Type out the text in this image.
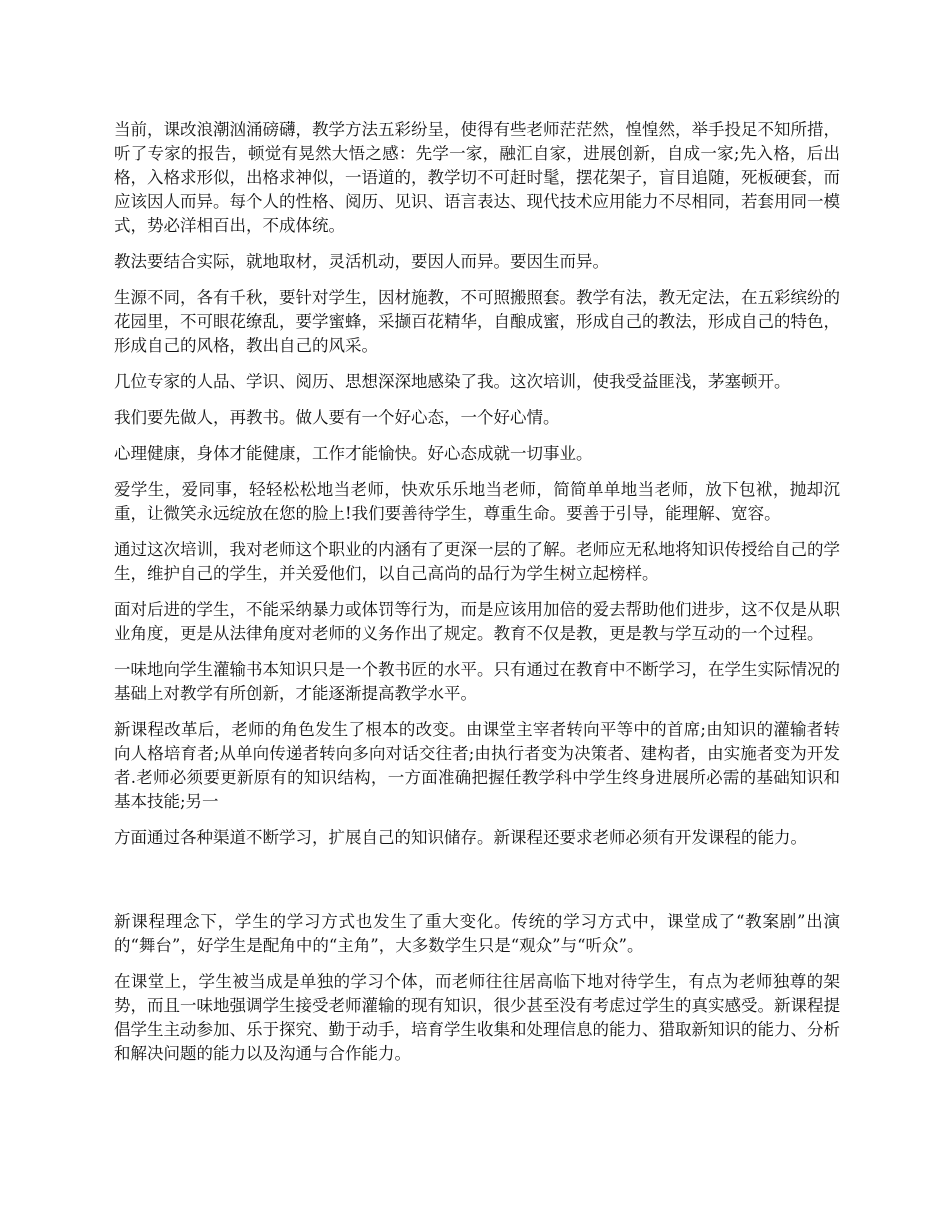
当前，课改浪潮汹涌磅礴，教学方法五彩纷呈，使得有些老师茫茫然，惶惶然，举手投足不知所措，听了专家的报告，顿觉有晃然大悟之感：先学一家，融汇自家，进展创新，自成一家;先入格，后出格，入格求形似，出格求神似，一语道的，教学切不可赶时髦，摆花架子，盲目追随，死板硬套，而应该因人而异。每个人的性格、阅历、见识、语言表达、现代技术应用能力不尽相同，若套用同一模式，势必洋相百出，不成体统。

教法要结合实际，就地取材，灵活机动，要因人而异。要因生而异。

生源不同，各有千秋，要针对学生，因材施教，不可照搬照套。教学有法，教无定法，在五彩缤纷的花园里，不可眼花缭乱，要学蜜蜂，采撷百花精华，自酿成蜜，形成自己的教法，形成自己的特色，形成自己的风格，教出自己的风采。

几位专家的人品、学识、阅历、思想深深地感染了我。这次培训，使我受益匪浅，茅塞顿开。

我们要先做人，再教书。做人要有一个好心态，一个好心情。

心理健康，身体才能健康，工作才能愉快。好心态成就一切事业。

爱学生，爱同事，轻轻松松地当老师，快欢乐乐地当老师，简简单单地当老师，放下包袱，抛却沉重，让微笑永远绽放在您的脸上!我们要善待学生，尊重生命。要善于引导，能理解、宽容。

通过这次培训，我对老师这个职业的内涵有了更深一层的了解。老师应无私地将知识传授给自己的学生，维护自己的学生，并关爱他们，以自己高尚的品行为学生树立起榜样。

面对后进的学生，不能采纳暴力或体罚等行为，而是应该用加倍的爱去帮助他们进步，这不仅是从职业角度，更是从法律角度对老师的义务作出了规定。教育不仅是教，更是教与学互动的一个过程。

一味地向学生灌输书本知识只是一个教书匠的水平。只有通过在教育中不断学习，在学生实际情况的基础上对教学有所创新，才能逐渐提高教学水平。

新课程改革后，老师的角色发生了根本的改变。由课堂主宰者转向平等中的首席;由知识的灌输者转向人格培育者;从单向传递者转向多向对话交往者;由执行者变为决策者、建构者，由实施者变为开发者.老师必须要更新原有的知识结构，一方面准确把握任教学科中学生终身进展所必需的基础知识和基本技能;另一

方面通过各种渠道不断学习，扩展自己的知识储存。新课程还要求老师必须有开发课程的能力。

新课程理念下，学生的学习方式也发生了重大变化。传统的学习方式中，课堂成了“教案剧”出演的“舞台”，好学生是配角中的“主角”，大多数学生只是“观众”与“听众”。

在课堂上，学生被当成是单独的学习个体，而老师往往居高临下地对待学生，有点为老师独尊的架势，而且一味地强调学生接受老师灌输的现有知识，很少甚至没有考虑过学生的真实感受。新课程提倡学生主动参加、乐于探究、勤于动手，培育学生收集和处理信息的能力、猎取新知识的能力、分析和解决问题的能力以及沟通与合作能力。
